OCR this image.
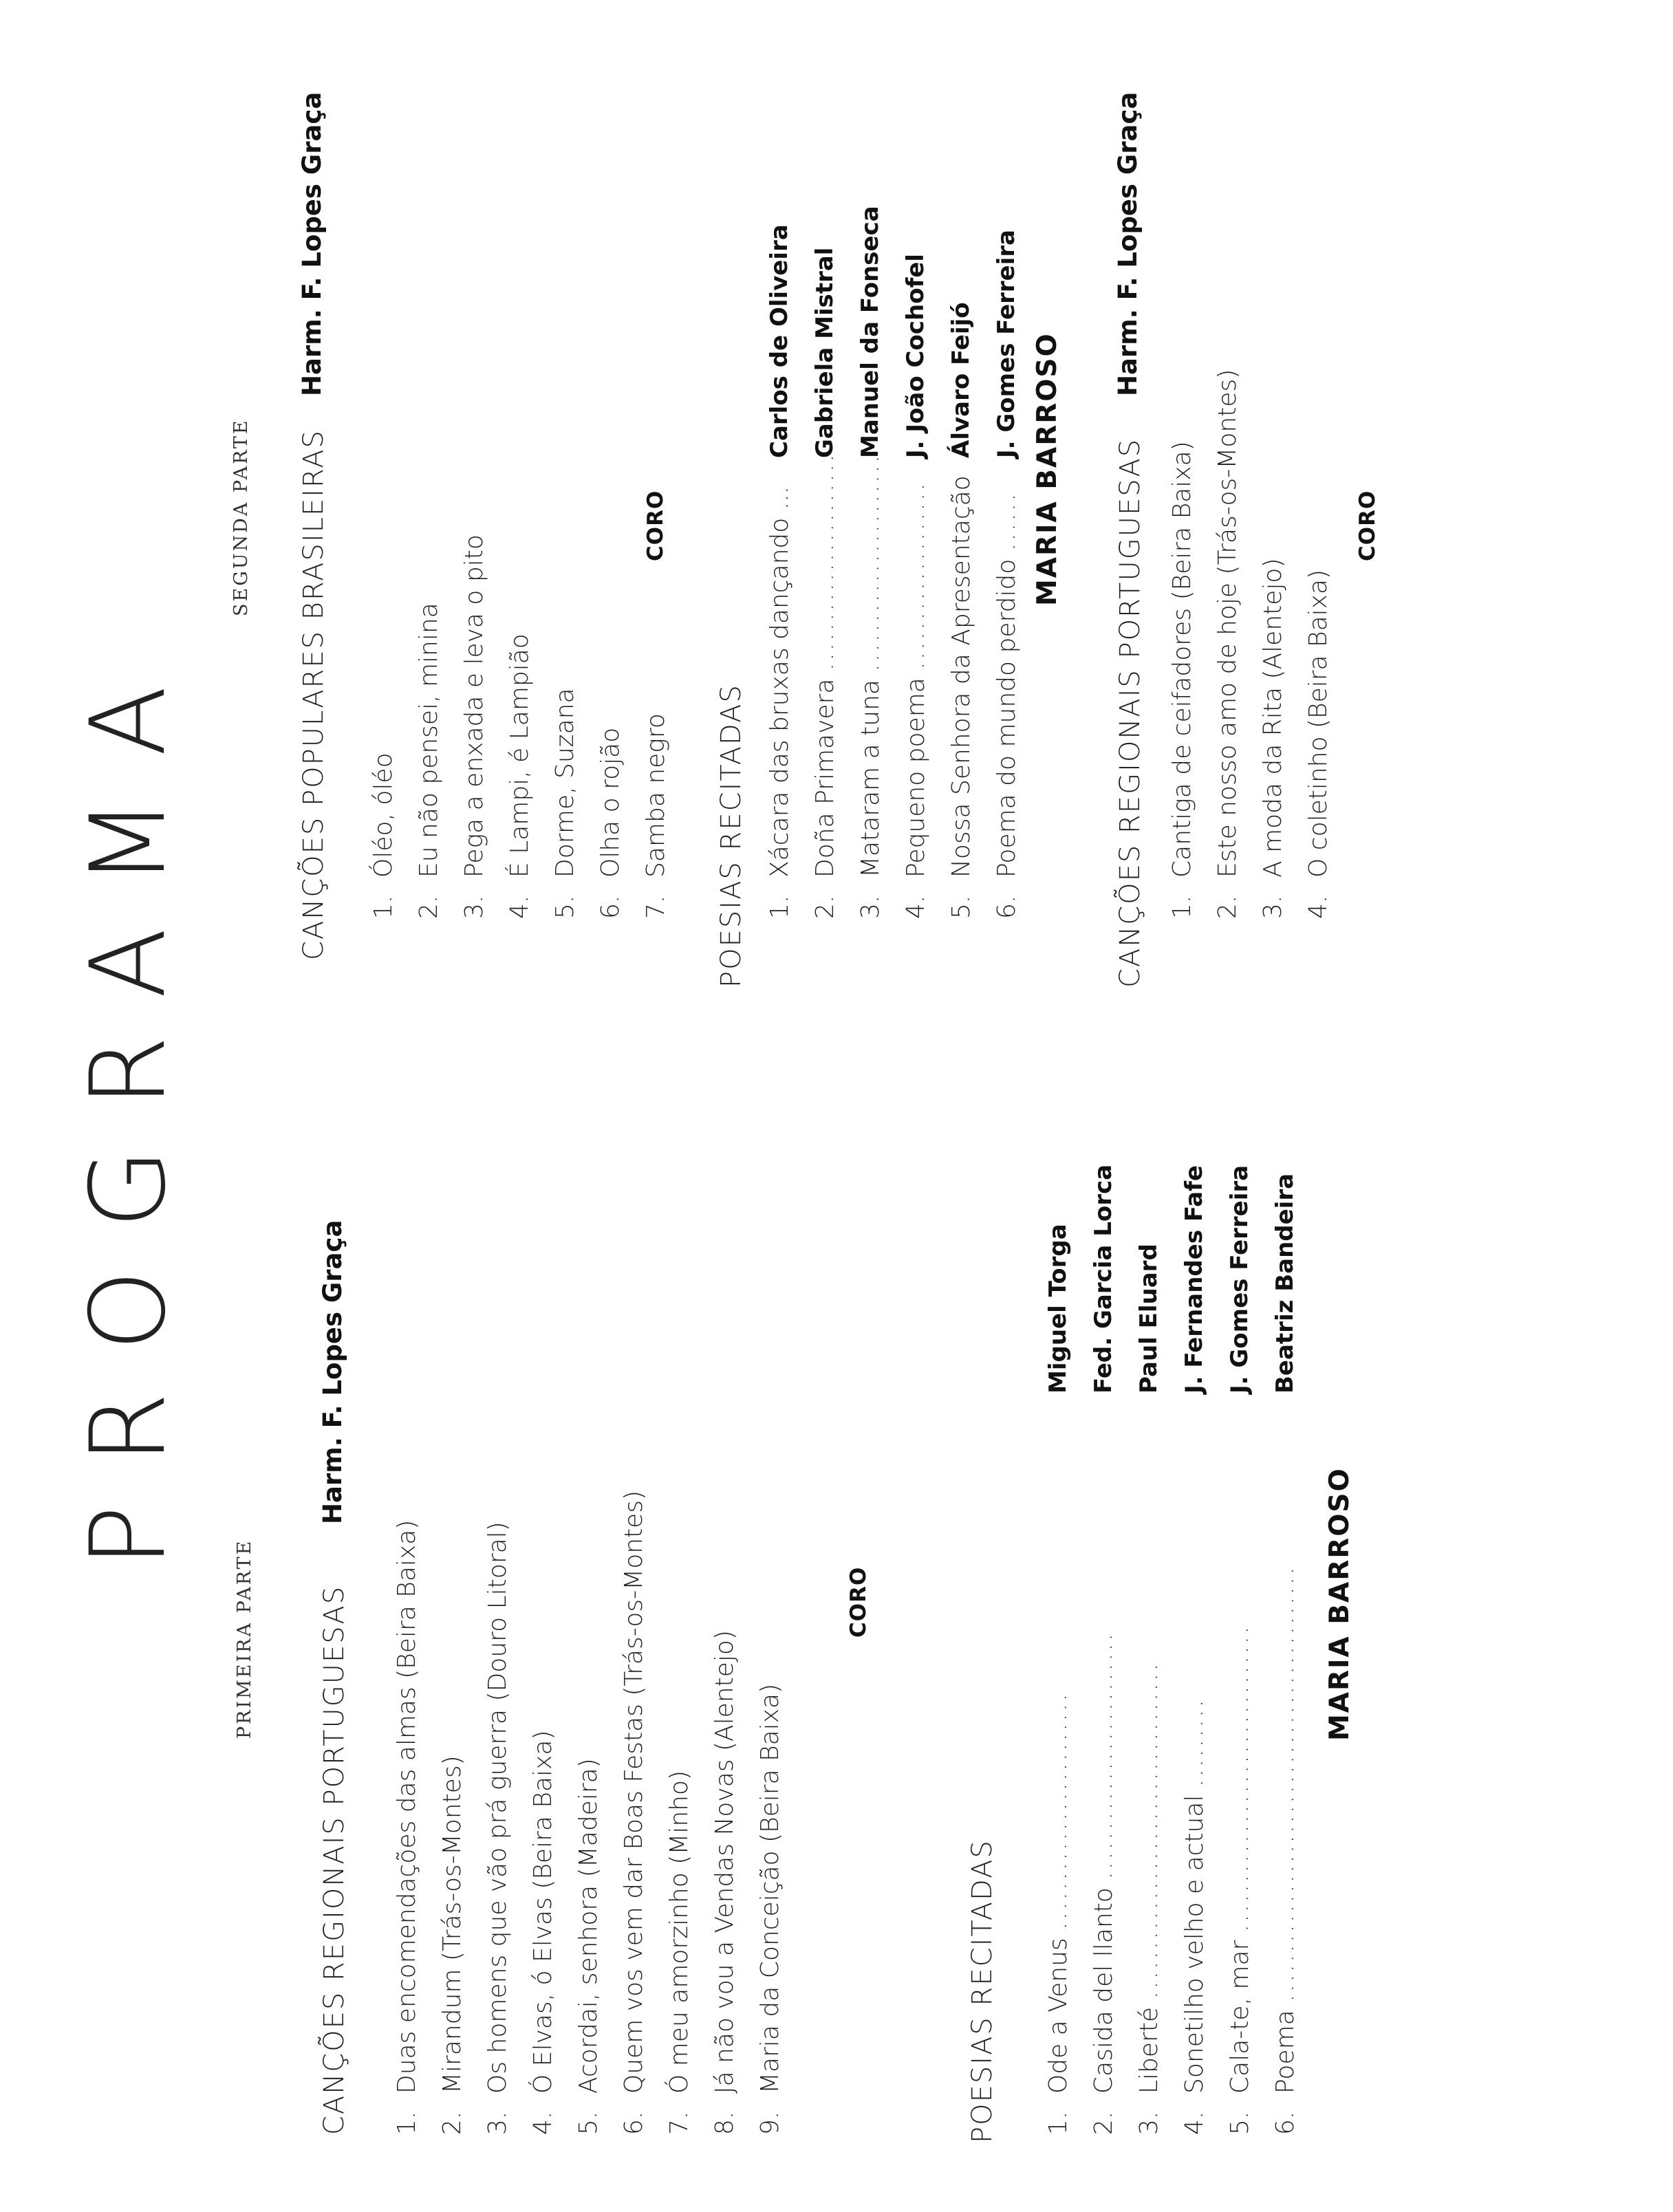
PROGRAMA
PRIMEIRA PARTE CANÇÕES REGIONAIS PORTUGUESAS
Harm. F. Lopes Graça
1.
Duas encomendações das almas (Beira Baixa)
2.
Mirandum (Trás-os-Montes)
3.
Os homens que vão prá guerra (Douro Litoral)
4.
Ó Elvas, ó Elvas (Beira Baixa)
5.
Acordai, senhora (Madeira)
6.
Quem vos vem dar Boas Festas (Trás-os-Montes)
7.
Ó meu amorzinho (Minho)
8.
Já não vou a Vendas Novas (Alentejo)
9.
Maria da Conceição (Beira Baixa)
CORO
POESIAS RECITADAS 1.
Ode a Venus

........................
2.
Casida del llanto

.........................
3.
Liberté

..................................
4.
Sonetilho velho e actual

.........
5.
Cala-te, mar

...............................
6.
Poema

............................................
Miguel Torga Fed. Garcia Lorca Paul Eluard J. Fernandes Fafe J. Gomes Ferreira Beatriz Bandeira
MARIA BARROSO
SEGUNDA PARTE CANÇÕES POPULARES BRASILEIRAS
Harm. F. Lopes Graça
1.
Óléo, óléo
2.
Eu não pensei, minina
3.
Pega a enxada e leva o pito
4.
É Lampi, é Lampião
5.
Dorme, Suzana
6.
Olha o rojão
7.
Samba negro
CORO
POESIAS RECITADAS 1.
Xácara das bruxas dançando ...

2.
Doña Primavera

......................
3.
Mataram a tuna

......................
4.
Pequeno poema

...................
5.
Nossa Senhora da Apresentação

6.
Poema do mundo perdido

......
Carlos de Oliveira Gabriela Mistral Manuel da Fonseca J. João Cochofel Álvaro Feijó J. Gomes Ferreira MARIA BARROSO CANÇÕES REGIONAIS PORTUGUESAS
Harm. F. Lopes Graça
1.
Cantiga de ceifadores (Beira Baixa)
2.
Este nosso amo de hoje (Trás-os-Montes)
3.
A moda da Rita (Alentejo)
4.
O coletinho (Beira Baixa)
CORO
